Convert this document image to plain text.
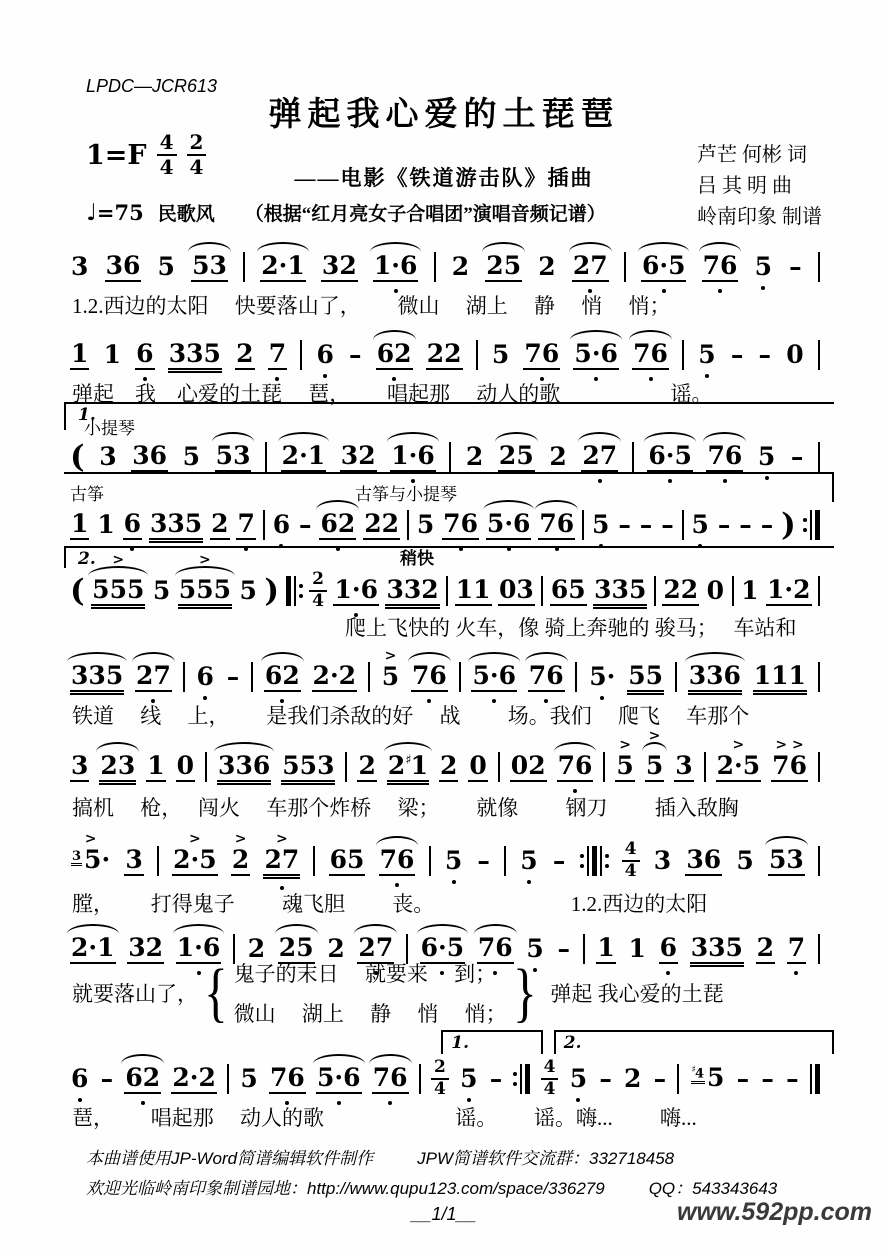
LPDC—JCR613
弹起我心爱的土琵琶
1=F 4
4
2
4	——电影《铁道游击队》插曲
芦芒 何彬 词
吕 其 明 曲
岭南印象 制谱
♩=75 民歌风 （根据“红月亮女子合唱团”演唱音频记谱）
3 36 5 53 2·1 32 1·6 2 25 2 27 6·5 76 5 –
1.2.西边的太阳　 快要落山了，　 　微山　 湖上　 静　 悄　 悄；
1 1 6 335 2 7 6 – 62 22 5 76 5·6 76 5 – – 0
弹起　我　心爱的土琵　 琶，　 　唱起那　 动人的歌　　　　　 谣。
1.
小提琴
( 3 36 5 53 2·1 32 1·6 2 25 2 27 6·5 76 5 –
古筝	古筝与小提琴
1 1 6 335 2 7 6 – 62 22 5 76 5·6 76 5 – – – 5 – – – )
2.	稍快
(
>
555 5
>
555 5 ) 2
4 1·6 332 11 03 65 335 22 0 1 1·2
　　　　　　　　　　　　　爬上飞快的 火车，像 骑上奔驰的 骏马；　 车站和
335 27 6 – 62 2·2
>
5 76 5·6 76 5· 55 336 111
铁道　 线　 上，　 　是我们杀敌的好　 战　 　场。我们　 爬飞　 车那个
3 23 1 0 336 553 2 2♯1 2 0 02 76
>
5
>
5 3
>
2·5
> >
76
搞机　 枪，　 闯火　 车那个炸桥　 梁；　 　就像　 　钢刀　 　插入敌胸
>
3 5· 3
>
2·5
>
2
>
27 65 76 5 – 5 –	4
4 3 36 5 53
膛，　 　打得鬼子　 　魂飞胆　 　丧。　　　　　　　1.2.西边的太阳
2·1 32 1·6 2 25 2 27 6·5 76 5 – 1 1 6 335 2 7
就要落山了， { 鬼子的末日　 就要来　 到；
微山　 湖上　 静　 悄　 悄； } 弹起 我心爱的土琵
1.	2.
6 – 62 2·2 5 76 5·6 76 2
4 5 – 4
4 5 – 2 –	♯4 5 – – –
琶，　 　唱起那　 动人的歌　　　　　　 谣。　 　谣。嗨...　 　嗨...
本曲谱使用JP-Word简谱编辑软件制作	JPW简谱软件交流群：332718458
欢迎光临岭南印象制谱园地：http://www.qupu123.com/space/336279	QQ：543343643
__1/1__	www.592pp.com
